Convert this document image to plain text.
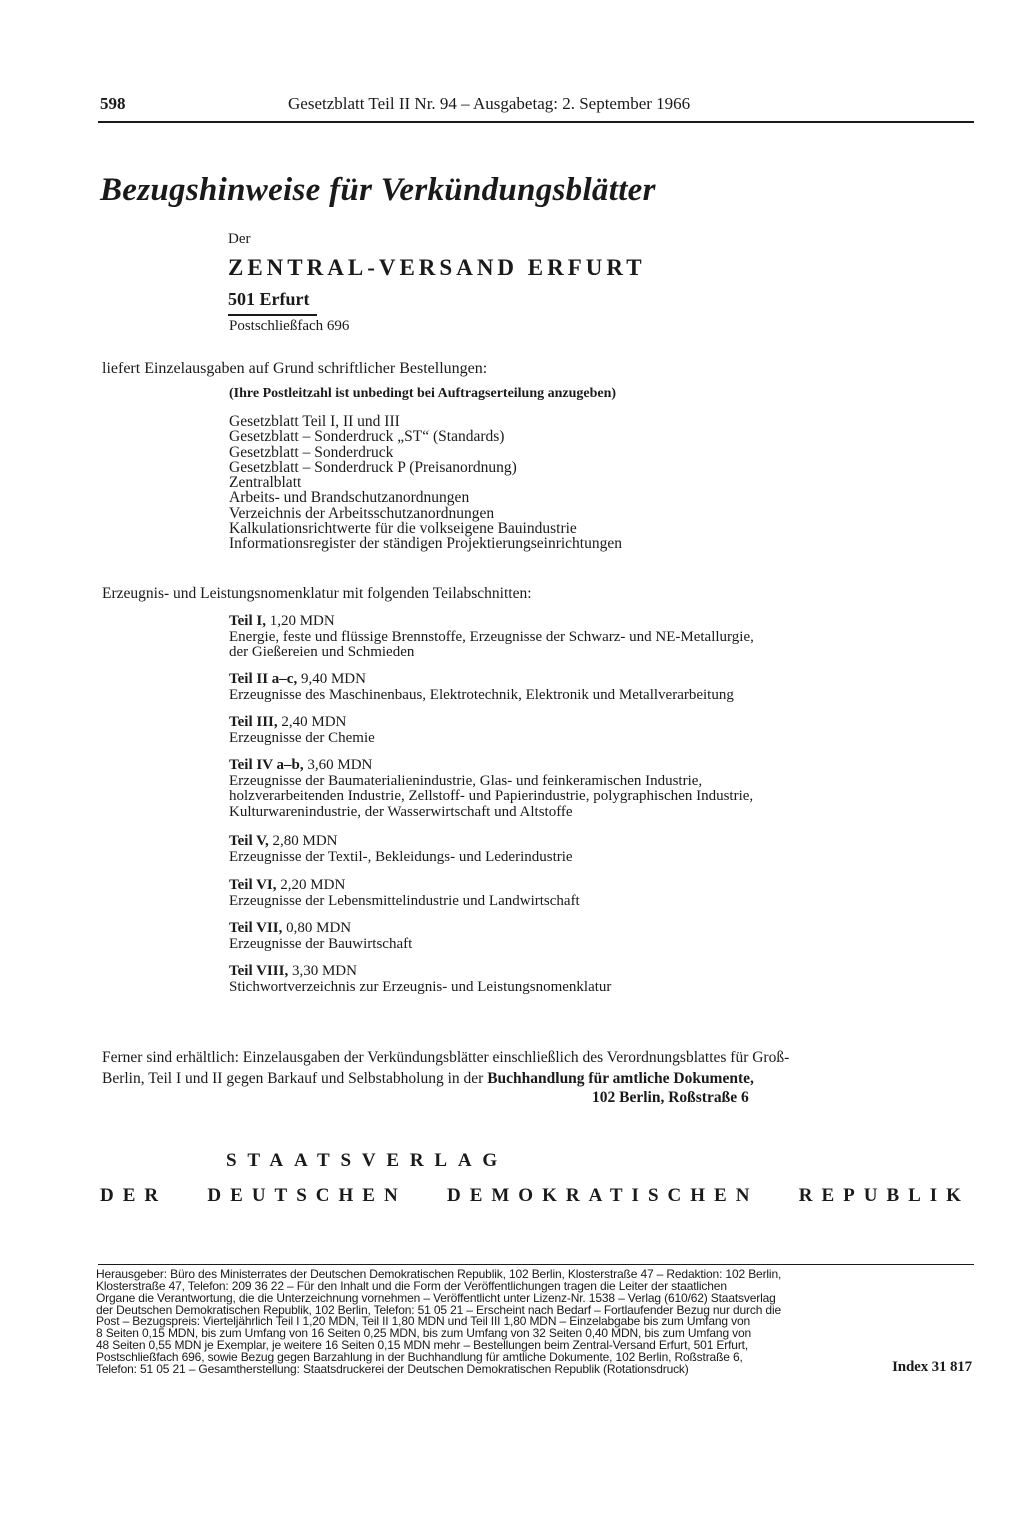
598	Gesetzblatt Teil II Nr. 94 – Ausgabetag: 2. September 1966
Bezugshinweise für Verkündungsblätter
Der
ZENTRAL-VERSAND ERFURT
501 Erfurt
Postschließfach 696
liefert Einzelausgaben auf Grund schriftlicher Bestellungen:
(Ihre Postleitzahl ist unbedingt bei Auftragserteilung anzugeben)
Gesetzblatt Teil I, II und III
Gesetzblatt – Sonderdruck „ST“ (Standards)
Gesetzblatt – Sonderdruck
Gesetzblatt – Sonderdruck P (Preisanordnung)
Zentralblatt
Arbeits- und Brandschutzanordnungen
Verzeichnis der Arbeitsschutzanordnungen
Kalkulationsrichtwerte für die volkseigene Bauindustrie
Informationsregister der ständigen Projektierungseinrichtungen
Erzeugnis- und Leistungsnomenklatur mit folgenden Teilabschnitten:
Teil I, 1,20 MDN
Energie, feste und flüssige Brennstoffe, Erzeugnisse der Schwarz- und NE-Metallurgie,
der Gießereien und Schmieden
Teil II a–c, 9,40 MDN
Erzeugnisse des Maschinenbaus, Elektrotechnik, Elektronik und Metallverarbeitung
Teil III, 2,40 MDN
Erzeugnisse der Chemie
Teil IV a–b, 3,60 MDN
Erzeugnisse der Baumaterialienindustrie, Glas- und feinkeramischen Industrie,
holzverarbeitenden Industrie, Zellstoff- und Papierindustrie, polygraphischen Industrie,
Kulturwarenindustrie, der Wasserwirtschaft und Altstoffe
Teil V, 2,80 MDN
Erzeugnisse der Textil-, Bekleidungs- und Lederindustrie
Teil VI, 2,20 MDN
Erzeugnisse der Lebensmittelindustrie und Landwirtschaft
Teil VII, 0,80 MDN
Erzeugnisse der Bauwirtschaft
Teil VIII, 3,30 MDN
Stichwortverzeichnis zur Erzeugnis- und Leistungsnomenklatur
Ferner sind erhältlich: Einzelausgaben der Verkündungsblätter einschließlich des Verordnungsblattes für Groß-
Berlin, Teil I und II gegen Barkauf und Selbstabholung in der Buchhandlung für amtliche Dokumente,
102 Berlin, Roßstraße 6
STAATSVERLAG
DER DEUTSCHEN DEMOKRATISCHEN REPUBLIK
Herausgeber: Büro des Ministerrates der Deutschen Demokratischen Republik, 102 Berlin, Klosterstraße 47 – Redaktion: 102 Berlin,
Klosterstraße 47, Telefon: 209 36 22 – Für den Inhalt und die Form der Veröffentlichungen tragen die Leiter der staatlichen
Organe die Verantwortung, die die Unterzeichnung vornehmen – Veröffentlicht unter Lizenz-Nr. 1538 – Verlag (610/62) Staatsverlag
der Deutschen Demokratischen Republik, 102 Berlin, Telefon: 51 05 21 – Erscheint nach Bedarf – Fortlaufender Bezug nur durch die
Post – Bezugspreis: Vierteljährlich Teil I 1,20 MDN, Teil II 1,80 MDN und Teil III 1,80 MDN – Einzelabgabe bis zum Umfang von
8 Seiten 0,15 MDN, bis zum Umfang von 16 Seiten 0,25 MDN, bis zum Umfang von 32 Seiten 0,40 MDN, bis zum Umfang von
48 Seiten 0,55 MDN je Exemplar, je weitere 16 Seiten 0,15 MDN mehr – Bestellungen beim Zentral-Versand Erfurt, 501 Erfurt,
Postschließfach 696, sowie Bezug gegen Barzahlung in der Buchhandlung für amtliche Dokumente, 102 Berlin, Roßstraße 6,
Telefon: 51 05 21 – Gesamtherstellung: Staatsdruckerei der Deutschen Demokratischen Republik (Rotationsdruck)	Index 31 817
